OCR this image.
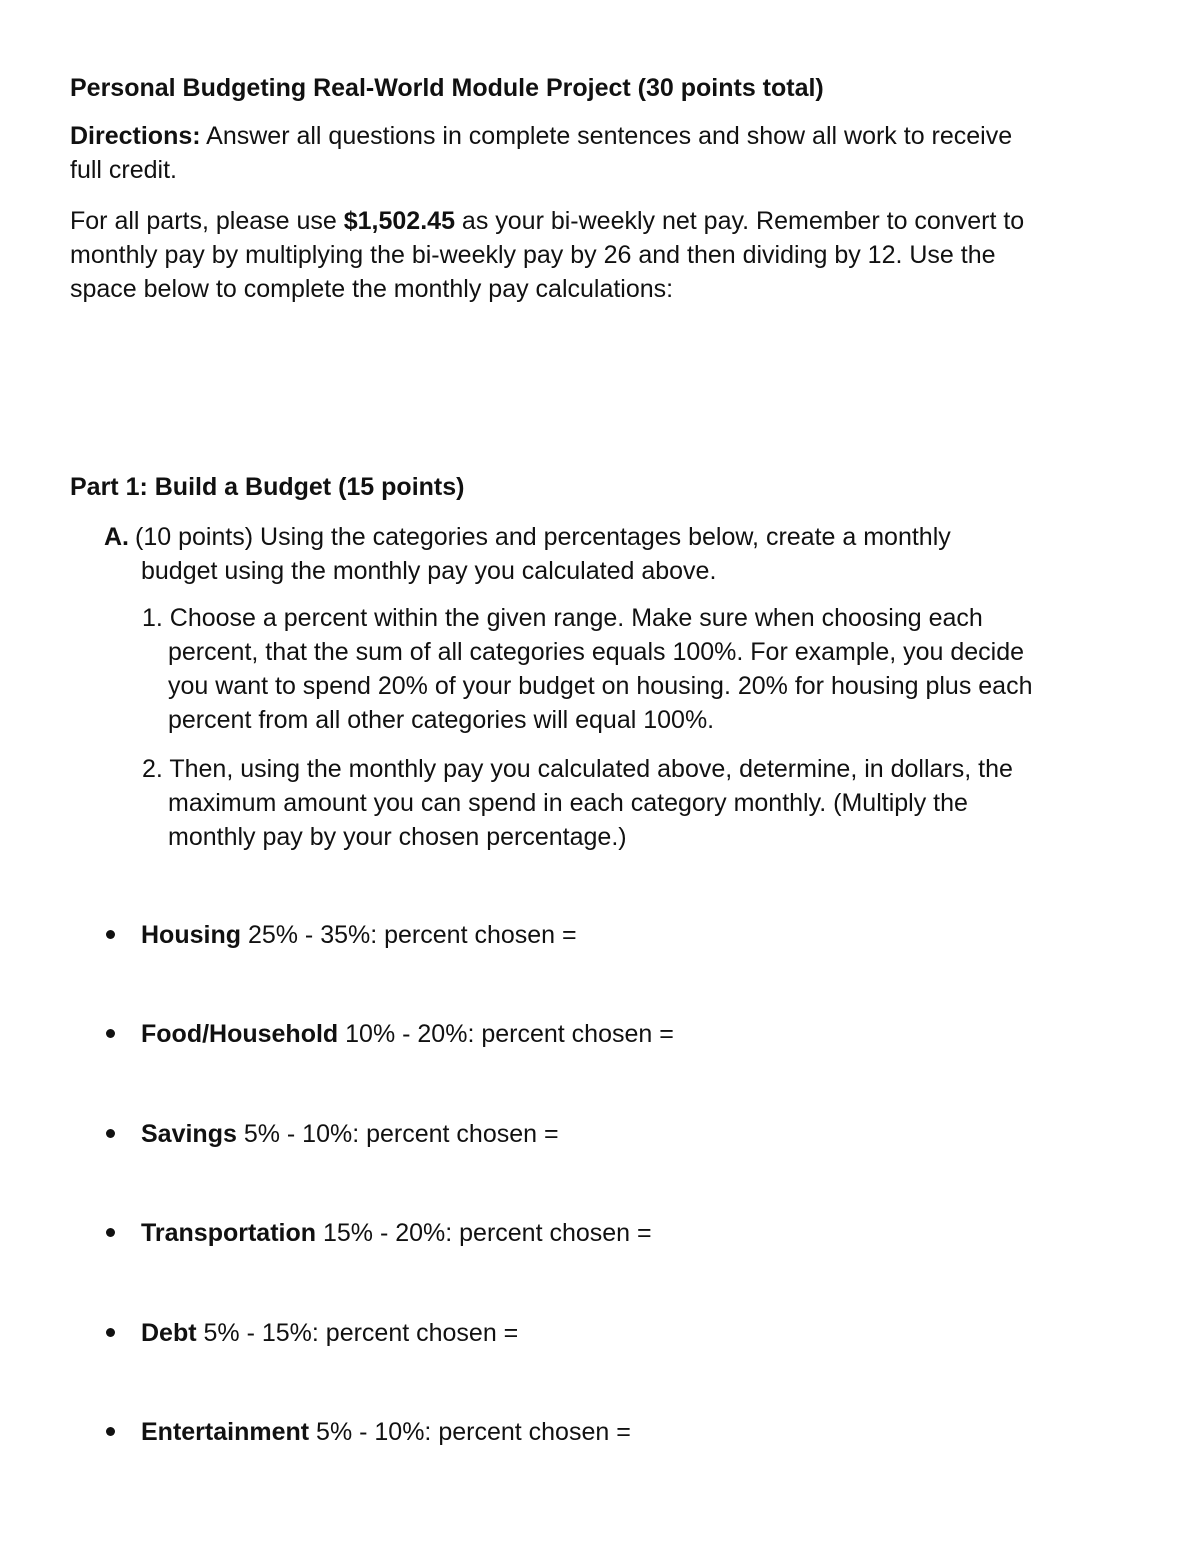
Personal Budgeting Real-World Module Project (30 points total)
Directions: Answer all questions in complete sentences and show all work to receive
full credit.
For all parts, please use $1,502.45 as your bi-weekly net pay. Remember to convert to
monthly pay by multiplying the bi-weekly pay by 26 and then dividing by 12. Use the
space below to complete the monthly pay calculations:
Part 1: Build a Budget (15 points)
A. (10 points) Using the categories and percentages below, create a monthly
budget using the monthly pay you calculated above.
1. Choose a percent within the given range. Make sure when choosing each
percent, that the sum of all categories equals 100%. For example, you decide
you want to spend 20% of your budget on housing. 20% for housing plus each
percent from all other categories will equal 100%.
2. Then, using the monthly pay you calculated above, determine, in dollars, the
maximum amount you can spend in each category monthly. (Multiply the
monthly pay by your chosen percentage.)
Housing 25% - 35%: percent chosen =
Food/Household 10% - 20%: percent chosen =
Savings 5% - 10%: percent chosen =
Transportation 15% - 20%: percent chosen =
Debt 5% - 15%: percent chosen =
Entertainment 5% - 10%: percent chosen =
